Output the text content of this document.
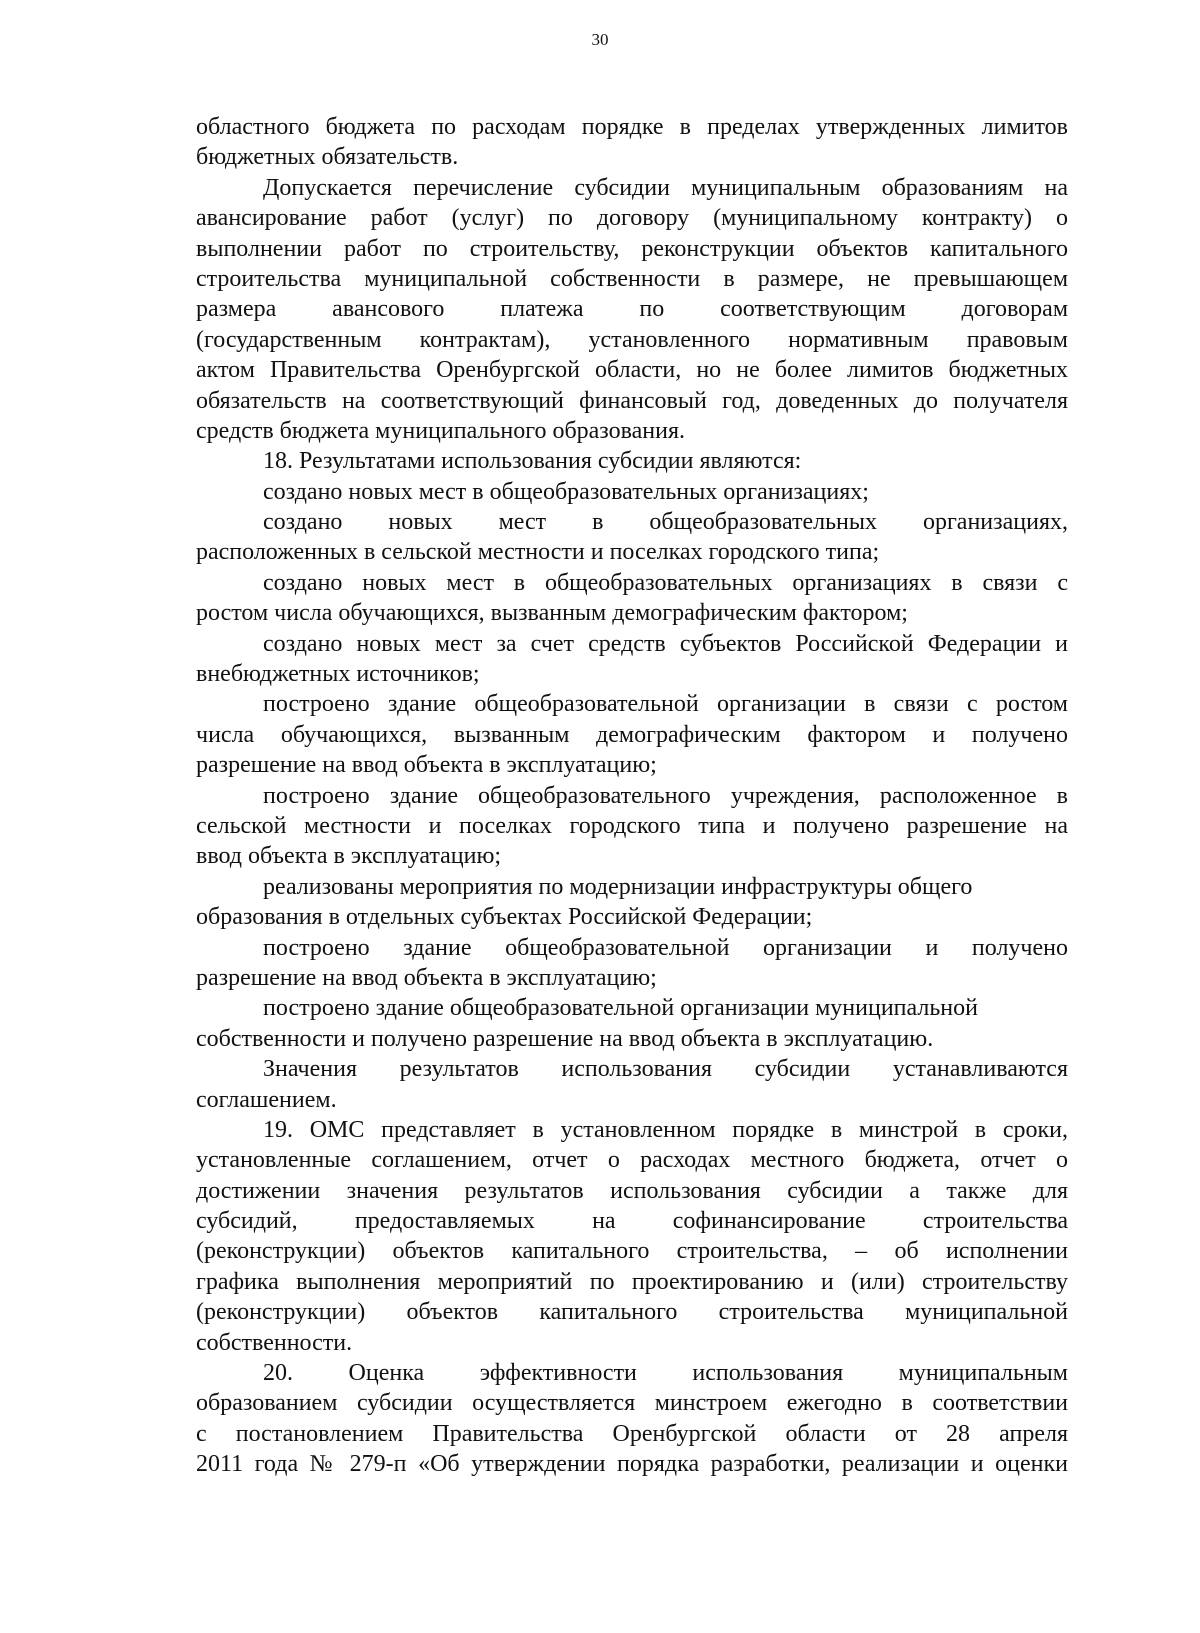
30
областного бюджета по расходам порядке в пределах утвержденных лимитов
бюджетных обязательств.
Допускается перечисление субсидии муниципальным образованиям на
авансирование работ (услуг) по договору (муниципальному контракту) о
выполнении работ по строительству, реконструкции объектов капитального
строительства муниципальной собственности в размере, не превышающем
размера авансового платежа по соответствующим договорам
(государственным контрактам), установленного нормативным правовым
актом Правительства Оренбургской области, но не более лимитов бюджетных
обязательств на соответствующий финансовый год, доведенных до получателя
средств бюджета муниципального образования.
18. Результатами использования субсидии являются:
создано новых мест в общеобразовательных организациях;
создано новых мест в общеобразовательных организациях,
расположенных в сельской местности и поселках городского типа;
создано новых мест в общеобразовательных организациях в связи с
ростом числа обучающихся, вызванным демографическим фактором;
создано новых мест за счет средств субъектов Российской Федерации и
внебюджетных источников;
построено здание общеобразовательной организации в связи с ростом
числа обучающихся, вызванным демографическим фактором и получено
разрешение на ввод объекта в эксплуатацию;
построено здание общеобразовательного учреждения, расположенное в
сельской местности и поселках городского типа и получено разрешение на
ввод объекта в эксплуатацию;
реализованы мероприятия по модернизации инфраструктуры общего
образования в отдельных субъектах Российской Федерации;
построено здание общеобразовательной организации и получено
разрешение на ввод объекта в эксплуатацию;
построено здание общеобразовательной организации муниципальной
собственности и получено разрешение на ввод объекта в эксплуатацию.
Значения результатов использования субсидии устанавливаются
соглашением.
19. ОМС представляет в установленном порядке в минстрой в сроки,
установленные соглашением, отчет о расходах местного бюджета, отчет о
достижении значения результатов использования субсидии а также для
субсидий, предоставляемых на софинансирование строительства
(реконструкции) объектов капитального строительства, – об исполнении
графика выполнения мероприятий по проектированию и (или) строительству
(реконструкции) объектов капитального строительства муниципальной
собственности.
20. Оценка эффективности использования муниципальным
образованием субсидии осуществляется минстроем ежегодно в соответствии
с постановлением Правительства Оренбургской области от 28 апреля
2011 года № 279-п «Об утверждении порядка разработки, реализации и оценки
